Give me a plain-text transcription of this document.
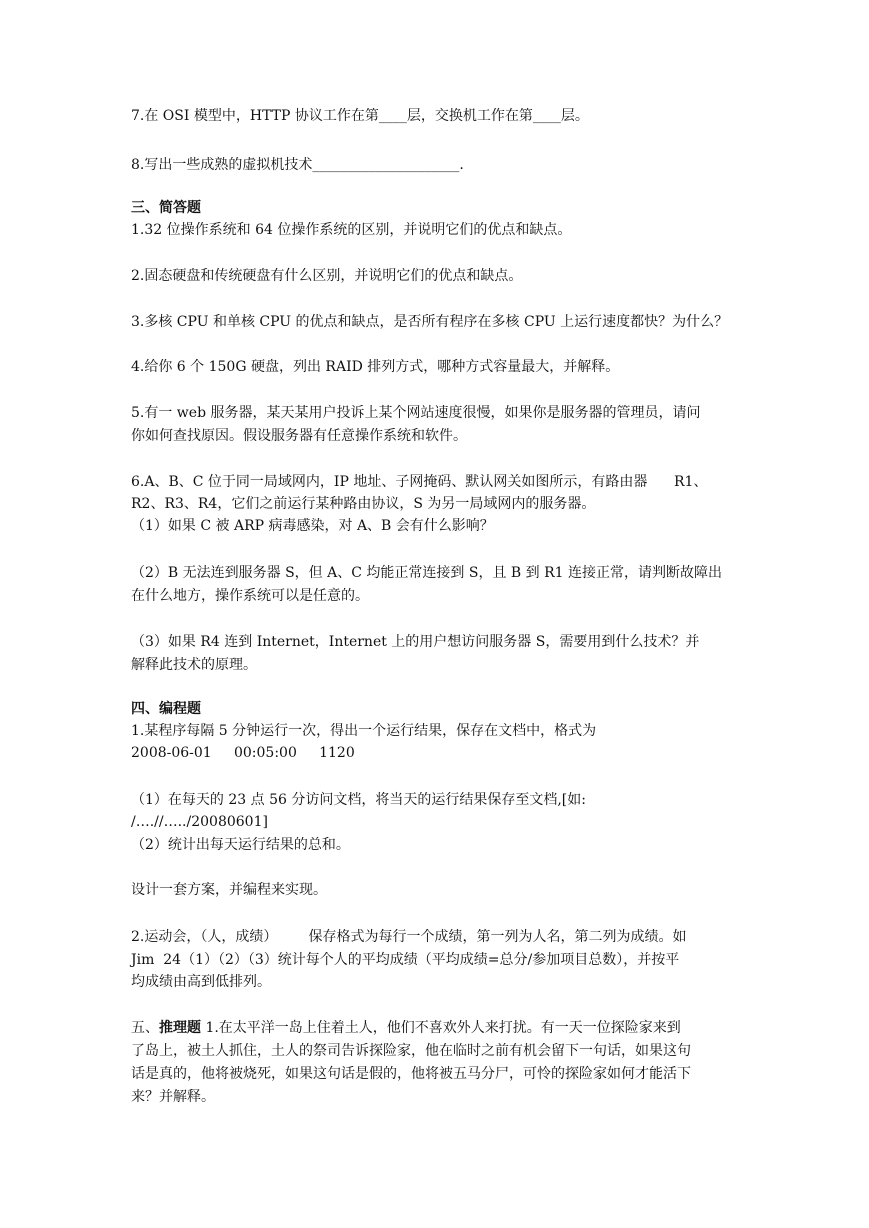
7.在 OSI 模型中，HTTP 协议工作在第____层，交换机工作在第____层。
8.写出一些成熟的虚拟机技术_____________________.
三、简答题
1.32 位操作系统和 64 位操作系统的区别，并说明它们的优点和缺点。
2.固态硬盘和传统硬盘有什么区别，并说明它们的优点和缺点。
3.多核 CPU 和单核 CPU 的优点和缺点，是否所有程序在多核 CPU 上运行速度都快？为什么？
4.给你 6 个 150G 硬盘，列出 RAID 排列方式，哪种方式容量最大，并解释。
5.有一 web 服务器，某天某用户投诉上某个网站速度很慢，如果你是服务器的管理员，请问
你如何查找原因。假设服务器有任意操作系统和软件。
6.A、B、C 位于同一局域网内，IP 地址、子网掩码、默认网关如图所示，有路由器      R1、
R2、R3、R4，它们之前运行某种路由协议，S 为另一局域网内的服务器。
（1）如果 C 被 ARP 病毒感染，对 A、B 会有什么影响？
（2）B 无法连到服务器 S，但 A、C 均能正常连接到 S，且 B 到 R1 连接正常，请判断故障出
在什么地方，操作系统可以是任意的。
（3）如果 R4 连到 Internet，Internet 上的用户想访问服务器 S，需要用到什么技术？并
解释此技术的原理。
四、编程题
1.某程序每隔 5 分钟运行一次，得出一个运行结果，保存在文档中，格式为
2008-06-01     00:05:00     1120
（1）在每天的 23 点 56 分访问文档，将当天的运行结果保存至文档,[如:
/….//…../20080601]
（2）统计出每天运行结果的总和。
设计一套方案，并编程来实现。
2.运动会，（人，成绩）       保存格式为每行一个成绩，第一列为人名，第二列为成绩。如
Jim  24（1）（2）（3）统计每个人的平均成绩（平均成绩=总分/参加项目总数），并按平
均成绩由高到低排列。
五、推理题 1.在太平洋一岛上住着土人，他们不喜欢外人来打扰。有一天一位探险家来到
了岛上，被土人抓住，土人的祭司告诉探险家，他在临时之前有机会留下一句话，如果这句
话是真的，他将被烧死，如果这句话是假的，他将被五马分尸，可怜的探险家如何才能活下
来？并解释。
